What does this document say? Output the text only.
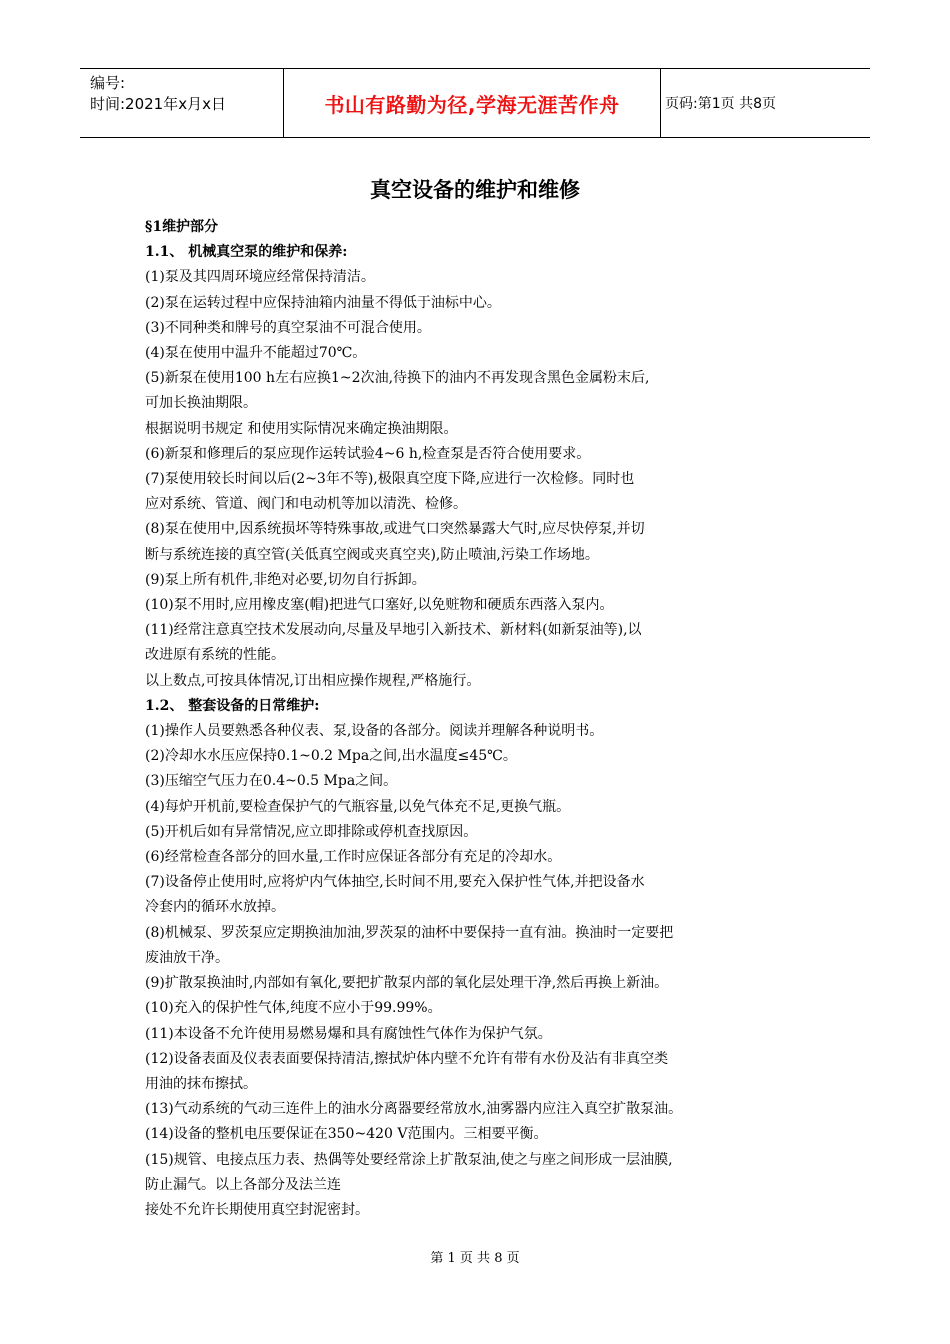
编号:
时间:2021年x月x日	书山有路勤为径,学海无涯苦作舟	页码:第1页 共8页
真空设备的维护和维修
§1维护部分
1.1、 机械真空泵的维护和保养:
(1)泵及其四周环境应经常保持清洁。
(2)泵在运转过程中应保持油箱内油量不得低于油标中心。
(3)不同种类和牌号的真空泵油不可混合使用。
(4)泵在使用中温升不能超过70℃。
(5)新泵在使用100 h左右应换1~2次油,待换下的油内不再发现含黑色金属粉末后,
可加长换油期限。
根据说明书规定 和使用实际情况来确定换油期限。
(6)新泵和修理后的泵应现作运转试验4~6 h,检查泵是否符合使用要求。
(7)泵使用较长时间以后(2~3年不等),极限真空度下降,应进行一次检修。同时也
应对系统、管道、阀门和电动机等加以清洗、检修。
(8)泵在使用中,因系统损坏等特殊事故,或进气口突然暴露大气时,应尽快停泵,并切
断与系统连接的真空管(关低真空阀或夹真空夹),防止喷油,污染工作场地。
(9)泵上所有机件,非绝对必要,切勿自行拆卸。
(10)泵不用时,应用橡皮塞(帽)把进气口塞好,以免赃物和硬质东西落入泵内。
(11)经常注意真空技术发展动向,尽量及早地引入新技术、新材料(如新泵油等),以
改进原有系统的性能。
以上数点,可按具体情况,订出相应操作规程,严格施行。
1.2、 整套设备的日常维护:
(1)操作人员要熟悉各种仪表、泵,设备的各部分。阅读并理解各种说明书。
(2)冷却水水压应保持0.1~0.2 Mpa之间,出水温度≤45℃。
(3)压缩空气压力在0.4~0.5 Mpa之间。
(4)每炉开机前,要检查保护气的气瓶容量,以免气体充不足,更换气瓶。
(5)开机后如有异常情况,应立即排除或停机查找原因。
(6)经常检查各部分的回水量,工作时应保证各部分有充足的冷却水。
(7)设备停止使用时,应将炉内气体抽空,长时间不用,要充入保护性气体,并把设备水
冷套内的循环水放掉。
(8)机械泵、罗茨泵应定期换油加油,罗茨泵的油杯中要保持一直有油。换油时一定要把
废油放干净。
(9)扩散泵换油时,内部如有氧化,要把扩散泵内部的氧化层处理干净,然后再换上新油。
(10)充入的保护性气体,纯度不应小于99.99%。
(11)本设备不允许使用易燃易爆和具有腐蚀性气体作为保护气氛。
(12)设备表面及仪表表面要保持清洁,擦拭炉体内壁不允许有带有水份及沾有非真空类
用油的抹布擦拭。
(13)气动系统的气动三连件上的油水分离器要经常放水,油雾器内应注入真空扩散泵油。
(14)设备的整机电压要保证在350~420 V范围内。三相要平衡。
(15)规管、电接点压力表、热偶等处要经常涂上扩散泵油,使之与座之间形成一层油膜,
防止漏气。以上各部分及法兰连
接处不允许长期使用真空封泥密封。
第 1 页 共 8 页
